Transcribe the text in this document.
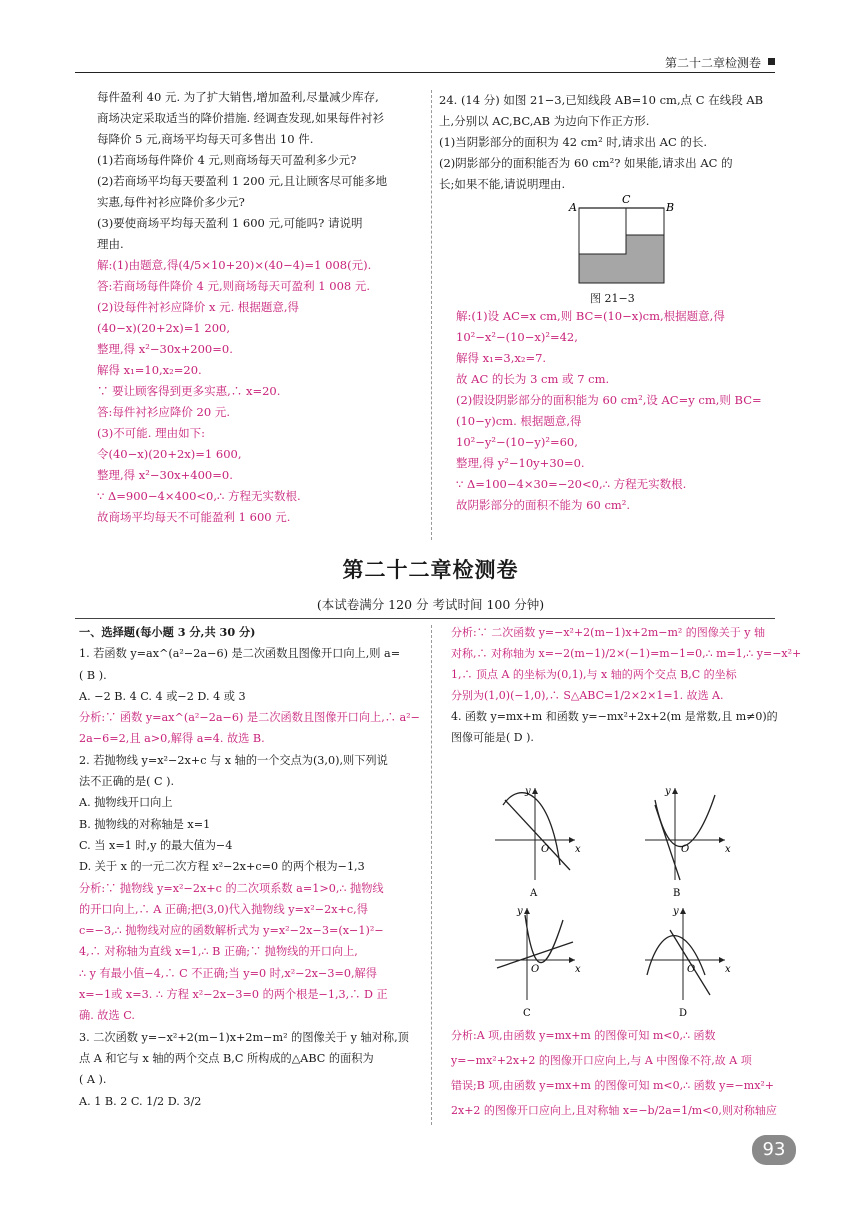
第二十二章检测卷

每件盈利 40 元. 为了扩大销售,增加盈利,尽量减少库存,

商场决定采取适当的降价措施. 经调查发现,如果每件衬衫

每降价 5 元,商场平均每天可多售出 10 件.

(1)若商场每件降价 4 元,则商场每天可盈利多少元?

(2)若商场平均每天要盈利 1 200 元,且让顾客尽可能多地

实惠,每件衬衫应降价多少元?

(3)要使商场平均每天盈利 1 600 元,可能吗? 请说明

理由.

解:(1)由题意,得(4/5×10+20)×(40−4)=1 008(元).

答:若商场每件降价 4 元,则商场每天可盈利 1 008 元.

(2)设每件衬衫应降价 x 元. 根据题意,得

(40−x)(20+2x)=1 200,

整理,得 x²−30x+200=0.

解得 x₁=10,x₂=20.

∵ 要让顾客得到更多实惠,∴ x=20.

答:每件衬衫应降价 20 元.

(3)不可能. 理由如下:

令(40−x)(20+2x)=1 600,

整理,得 x²−30x+400=0.

∵ Δ=900−4×400<0,∴ 方程无实数根.

故商场平均每天不可能盈利 1 600 元.

24. (14 分) 如图 21−3,已知线段 AB=10 cm,点 C 在线段 AB

上,分别以 AC,BC,AB 为边向下作正方形.

(1)当阴影部分的面积为 42 cm² 时,请求出 AC 的长.

(2)阴影部分的面积能否为 60 cm²? 如果能,请求出 AC 的

长;如果不能,请说明理由.

A
C
B
图 21−3

解:(1)设 AC=x cm,则 BC=(10−x)cm,根据题意,得

10²−x²−(10−x)²=42,

解得 x₁=3,x₂=7.

故 AC 的长为 3 cm 或 7 cm.

(2)假设阴影部分的面积能为 60 cm²,设 AC=y cm,则 BC=

(10−y)cm. 根据题意,得

10²−y²−(10−y)²=60,

整理,得 y²−10y+30=0.

∵ Δ=100−4×30=−20<0,∴ 方程无实数根.

故阴影部分的面积不能为 60 cm².

第二十二章检测卷
(本试卷满分 120 分 考试时间 100 分钟)

一、选择题(每小题 3 分,共 30 分)

1. 若函数 y=ax^(a²−2a−6) 是二次函数且图像开口向上,则 a=

( B ).

A. −2 B. 4 C. 4 或−2 D. 4 或 3

分析:∵ 函数 y=ax^(a²−2a−6) 是二次函数且图像开口向上,∴ a²−

2a−6=2,且 a>0,解得 a=4. 故选 B.

2. 若抛物线 y=x²−2x+c 与 x 轴的一个交点为(3,0),则下列说

法不正确的是( C ).

A. 抛物线开口向上

B. 抛物线的对称轴是 x=1

C. 当 x=1 时,y 的最大值为−4

D. 关于 x 的一元二次方程 x²−2x+c=0 的两个根为−1,3

分析:∵ 抛物线 y=x²−2x+c 的二次项系数 a=1>0,∴ 抛物线

的开口向上,∴ A 正确;把(3,0)代入抛物线 y=x²−2x+c,得

c=−3,∴ 抛物线对应的函数解析式为 y=x²−2x−3=(x−1)²−

4,∴ 对称轴为直线 x=1,∴ B 正确;∵ 抛物线的开口向上,

∴ y 有最小值−4,∴ C 不正确;当 y=0 时,x²−2x−3=0,解得

x=−1或 x=3. ∴ 方程 x²−2x−3=0 的两个根是−1,3,∴ D 正

确. 故选 C.

3. 二次函数 y=−x²+2(m−1)x+2m−m² 的图像关于 y 轴对称,顶

点 A 和它与 x 轴的两个交点 B,C 所构成的△ABC 的面积为

( A ).

A. 1 B. 2 C. 1/2 D. 3/2

分析:∵ 二次函数 y=−x²+2(m−1)x+2m−m² 的图像关于 y 轴

对称,∴ 对称轴为 x=−2(m−1)/2×(−1)=m−1=0,∴ m=1,∴ y=−x²+

1,∴ 顶点 A 的坐标为(0,1),与 x 轴的两个交点 B,C 的坐标

分别为(1,0)(−1,0),∴ S△ABC=1/2×2×1=1. 故选 A.

4. 函数 y=mx+m 和函数 y=−mx²+2x+2(m 是常数,且 m≠0)的

图像可能是( D ).

y
O	x
A
y
O	x
B
y
O	x
C
y
O	x
D

分析:A 项,由函数 y=mx+m 的图像可知 m<0,∴ 函数

y=−mx²+2x+2 的图像开口应向上,与 A 中图像不符,故 A 项

错误;B 项,由函数 y=mx+m 的图像可知 m<0,∴ 函数 y=−mx²+

2x+2 的图像开口应向上,且对称轴 x=−b/2a=1/m<0,则对称轴应

93
